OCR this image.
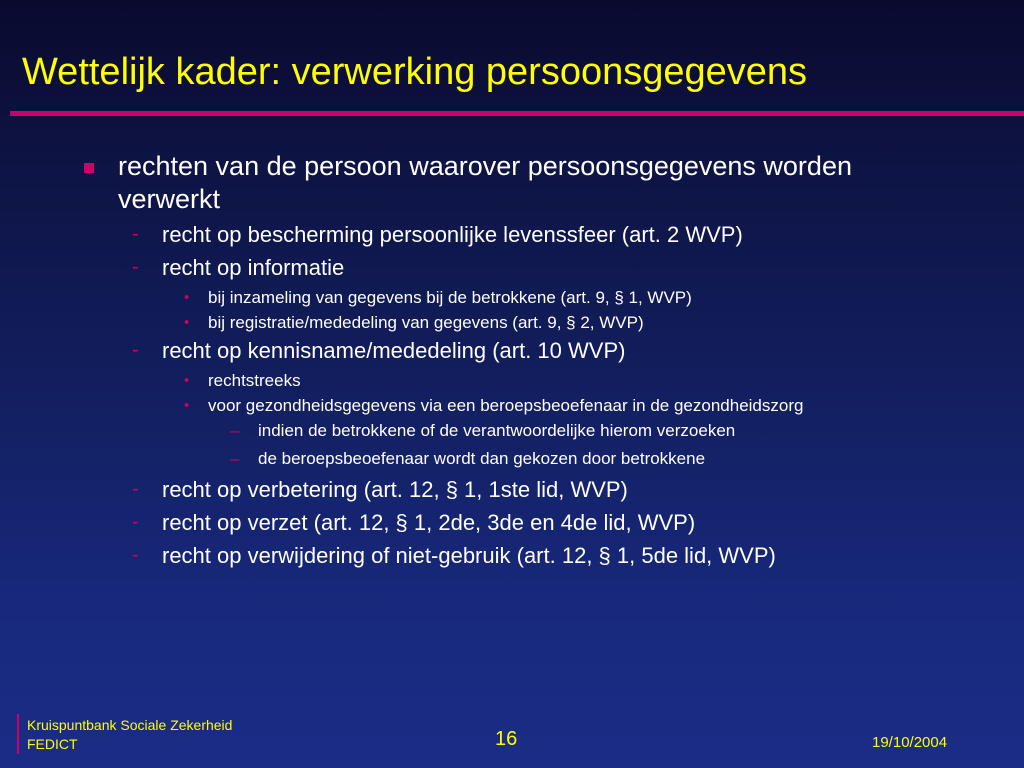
Wettelijk kader: verwerking persoonsgegevens
rechten van de persoon waarover persoonsgegevens worden verwerkt
- recht op bescherming persoonlijke levenssfeer (art. 2 WVP)
- recht op informatie
• bij inzameling van gegevens bij de betrokkene (art. 9, § 1, WVP)
• bij registratie/mededeling van gegevens (art. 9, § 2, WVP)
- recht op kennisname/mededeling (art. 10 WVP)
• rechtstreeks
• voor gezondheidsgegevens via een beroepsbeoefenaar in de gezondheidszorg
– indien de betrokkene of de verantwoordelijke hierom verzoeken
– de beroepsbeoefenaar wordt dan gekozen door betrokkene
- recht op verbetering (art. 12, § 1, 1ste lid, WVP)
- recht op verzet (art. 12, § 1, 2de, 3de en 4de lid, WVP)
- recht op verwijdering of niet-gebruik (art. 12, § 1, 5de lid, WVP)
Kruispuntbank Sociale Zekerheid
FEDICT	16	19/10/2004
